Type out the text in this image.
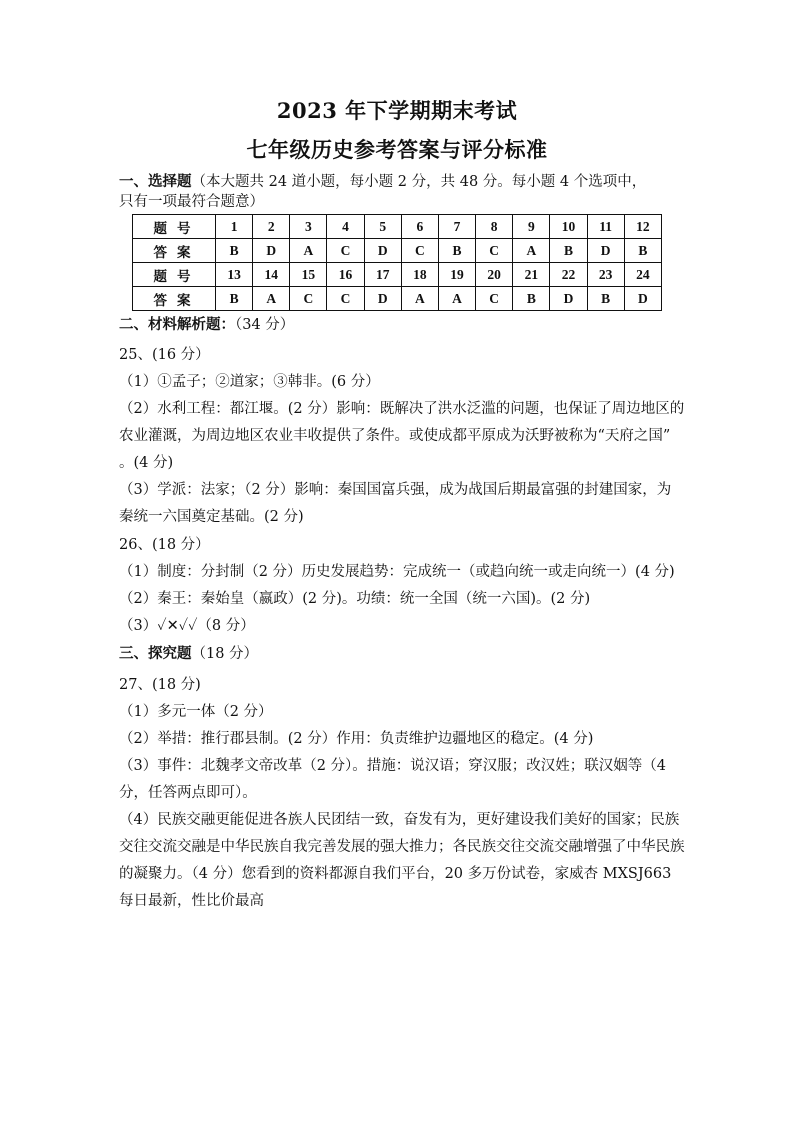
2023 年下学期期末考试
七年级历史参考答案与评分标准
一、选择题（本大题共 24 道小题，每小题 2 分，共 48 分。每小题 4 个选项中，
只有一项最符合题意）
题号	1	2	3	4	5	6	7	8	9	10	11	12
答案	B	D	A	C	D	C	B	C	A	B	D	B
题号	13	14	15	16	17	18	19	20	21	22	23	24
答案	B	A	C	C	D	A	A	C	B	D	B	D
二、材料解析题：（34 分）
25、(16 分）
（1）①孟子；②道家；③韩非。(6 分）
（2）水利工程：都江堰。(2 分）影响：既解决了洪水泛滥的问题，也保证了周边地区的农业灌溉，为周边地区农业丰收提供了条件。或使成都平原成为沃野被称为“天府之国” 。(4 分)
（3）学派：法家；（2 分）影响：秦国国富兵强，成为战国后期最富强的封建国家，为秦统一六国奠定基础。(2 分)
26、(18 分）
（1）制度：分封制（2 分）历史发展趋势：完成统一（或趋向统一或走向统一）(4 分)
（2）秦王：秦始皇（嬴政）(2 分)。功绩：统一全国（统一六国)。(2 分)
（3）✓✕✓✓（8 分）
三、探究题（18 分）
27、(18 分)
（1）多元一体（2 分）
（2）举措：推行郡县制。(2 分）作用：负责维护边疆地区的稳定。(4 分)
（3）事件：北魏孝文帝改革（2 分）。措施：说汉语；穿汉服；改汉姓；联汉姻等（4 分，任答两点即可）。
（4）民族交融更能促进各族人民团结一致，奋发有为，更好建设我们美好的国家；民族交往交流交融是中华民族自我完善发展的强大推力；各民族交往交流交融增强了中华民族的凝聚力。（4 分）您看到的资料都源自我们平台，20 多万份试卷，家威杏 MXSJ663 每日最新，性比价最高
